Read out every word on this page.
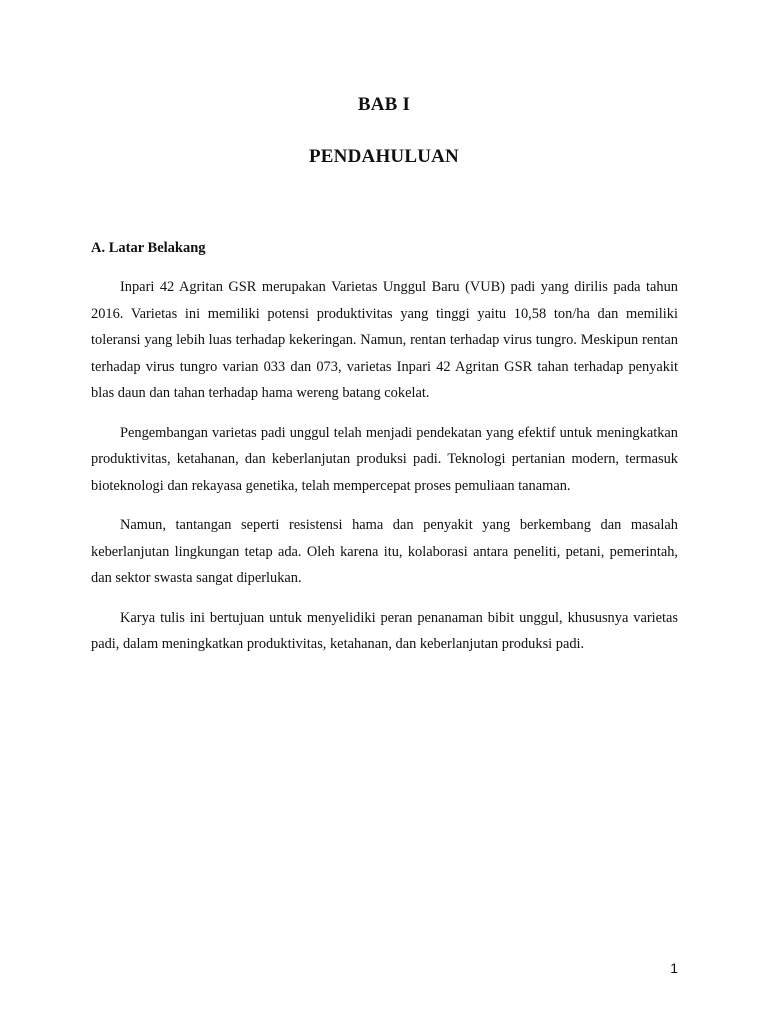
BAB I
PENDAHULUAN
A. Latar Belakang

Inpari 42 Agritan GSR merupakan Varietas Unggul Baru (VUB) padi yang dirilis pada tahun 2016. Varietas ini memiliki potensi produktivitas yang tinggi yaitu 10,58 ton/ha dan memiliki toleransi yang lebih luas terhadap kekeringan. Namun, rentan terhadap virus tungro. Meskipun rentan terhadap virus tungro varian 033 dan 073, varietas Inpari 42 Agritan GSR tahan terhadap penyakit blas daun dan tahan terhadap hama wereng batang cokelat.

Pengembangan varietas padi unggul telah menjadi pendekatan yang efektif untuk meningkatkan produktivitas, ketahanan, dan keberlanjutan produksi padi. Teknologi pertanian modern, termasuk bioteknologi dan rekayasa genetika, telah mempercepat proses pemuliaan tanaman.

Namun, tantangan seperti resistensi hama dan penyakit yang berkembang dan masalah keberlanjutan lingkungan tetap ada. Oleh karena itu, kolaborasi antara peneliti, petani, pemerintah, dan sektor swasta sangat diperlukan.

Karya tulis ini bertujuan untuk menyelidiki peran penanaman bibit unggul, khususnya varietas padi, dalam meningkatkan produktivitas, ketahanan, dan keberlanjutan produksi padi.

1
